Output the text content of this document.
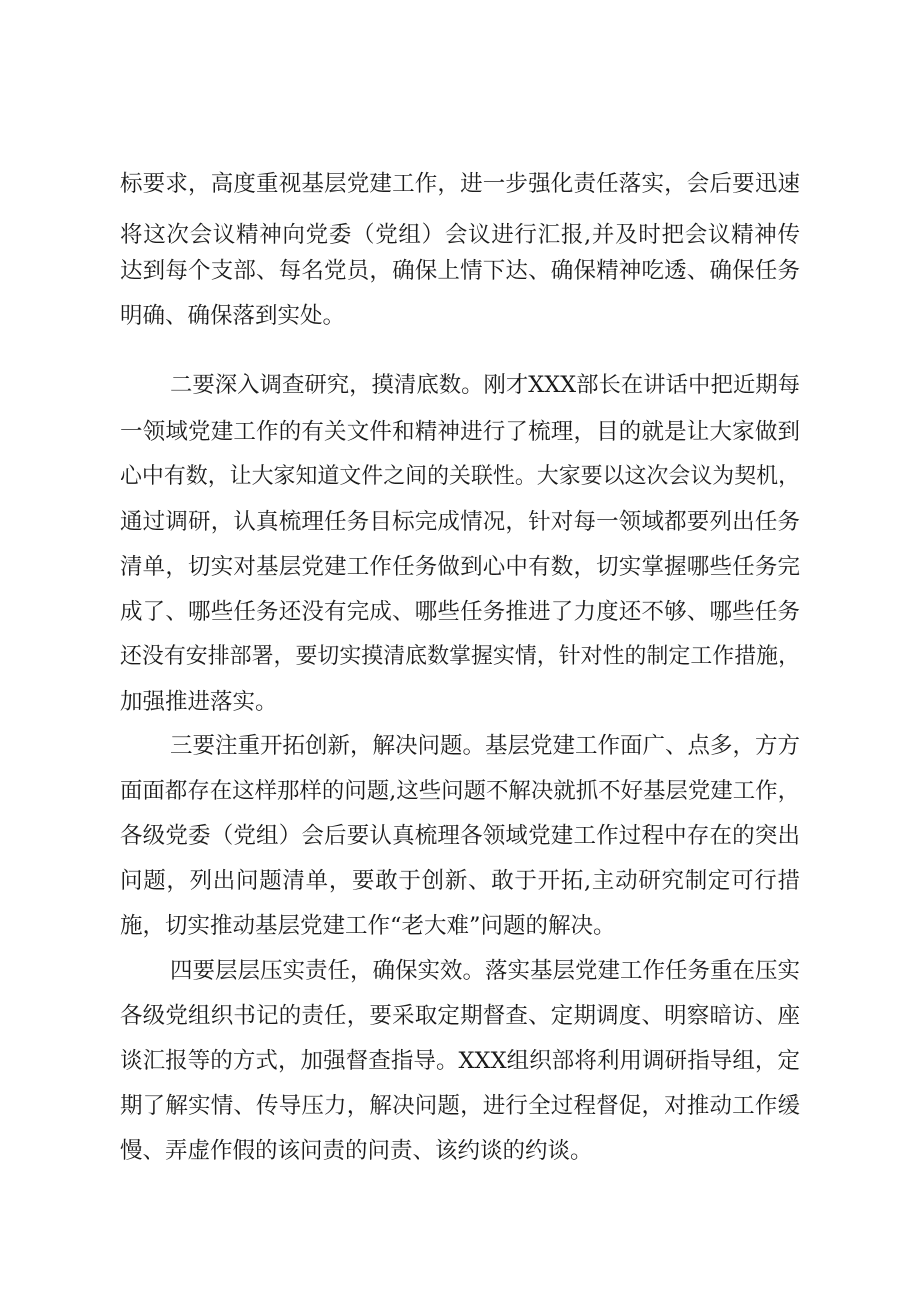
标要求，高度重视基层党建工作，进一步强化责任落实，会后要迅速

将这次会议精神向党委（党组）会议进行汇报,并及时把会议精神传

达到每个支部、每名党员，确保上情下达、确保精神吃透、确保任务

明确、确保落到实处。

二要深入调查研究，摸清底数。刚才XXX部长在讲话中把近期每

一领域党建工作的有关文件和精神进行了梳理，目的就是让大家做到

心中有数，让大家知道文件之间的关联性。大家要以这次会议为契机，

通过调研，认真梳理任务目标完成情况，针对每一领域都要列出任务

清单，切实对基层党建工作任务做到心中有数，切实掌握哪些任务完

成了、哪些任务还没有完成、哪些任务推进了力度还不够、哪些任务

还没有安排部署，要切实摸清底数掌握实情，针对性的制定工作措施，

加强推进落实。

三要注重开拓创新，解决问题。基层党建工作面广、点多，方方

面面都存在这样那样的问题,这些问题不解决就抓不好基层党建工作，

各级党委（党组）会后要认真梳理各领域党建工作过程中存在的突出

问题，列出问题清单，要敢于创新、敢于开拓,主动研究制定可行措

施，切实推动基层党建工作“老大难”问题的解决。

四要层层压实责任，确保实效。落实基层党建工作任务重在压实

各级党组织书记的责任，要采取定期督查、定期调度、明察暗访、座

谈汇报等的方式，加强督查指导。XXX组织部将利用调研指导组，定

期了解实情、传导压力，解决问题，进行全过程督促，对推动工作缓

慢、弄虚作假的该问责的问责、该约谈的约谈。
